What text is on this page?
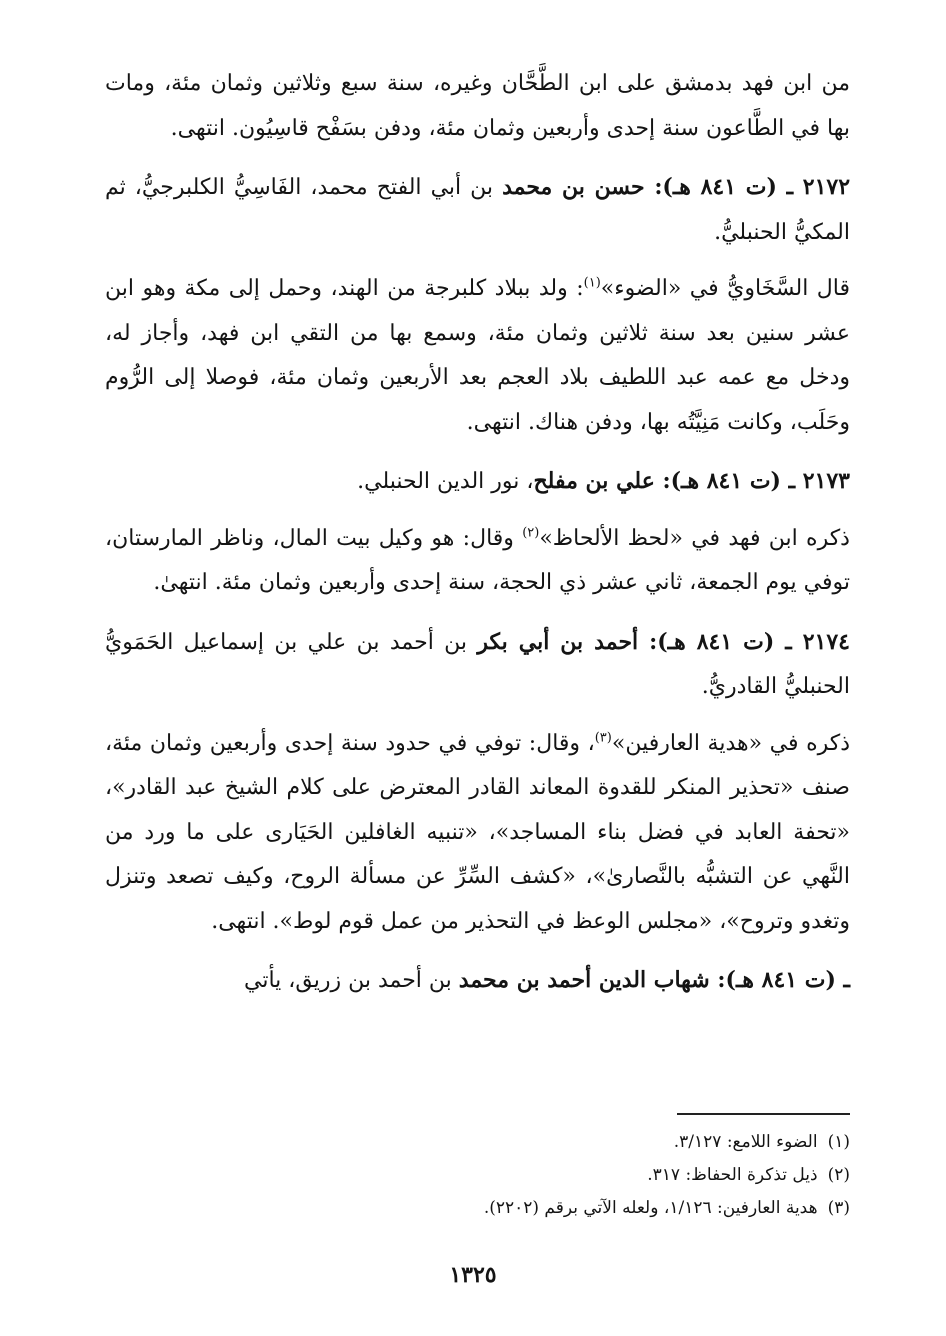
من ابن فهد بدمشق على ابن الطَّحَّان وغيره، سنة سبع وثلاثين وثمان مئة، ومات بها في الطَّاعون سنة إحدى وأربعين وثمان مئة، ودفن بسَفْح قاسِيُون. انتهى.
٢١٧٢ ـ (ت ٨٤١ هـ): حسن بن محمد بن أبي الفتح محمد، الفَاسِيُّ الكلبرجيُّ، ثم المكيُّ الحنبليُّ.
قال السَّخَاويُّ في «الضوء»$^{(١)}$: ولد ببلاد كلبرجة من الهند، وحمل إلى مكة وهو ابن عشر سنين بعد سنة ثلاثين وثمان مئة، وسمع بها من التقي ابن فهد، وأجاز له، ودخل مع عمه عبد اللطيف بلاد العجم بعد الأربعين وثمان مئة، فوصلا إلى الرُّوم وحَلَب، وكانت مَنِيَّتُه بها، ودفن هناك. انتهى.
٢١٧٣ ـ (ت ٨٤١ هـ): علي بن مفلح، نور الدين الحنبلي.
ذكره ابن فهد في «لحظ الألحاظ»$^{(٢)}$ وقال: هو وكيل بيت المال، وناظر المارستان، توفي يوم الجمعة، ثاني عشر ذي الحجة، سنة إحدى وأربعين وثمان مئة. انتهىٰ.
٢١٧٤ ـ (ت ٨٤١ هـ): أحمد بن أبي بكر بن أحمد بن علي بن إسماعيل الحَمَويُّ الحنبليُّ القادريُّ.
ذكره في «هدية العارفين»$^{(٣)}$، وقال: توفي في حدود سنة إحدى وأربعين وثمان مئة، صنف «تحذير المنكر للقدوة المعاند القادر المعترض على كلام الشيخ عبد القادر»، «تحفة العابد في فضل بناء المساجد»، «تنبيه الغافلين الحَيَارى على ما ورد من النَّهي عن التشبُّه بالنَّصارىٰ»، «كشف السِّرِّ عن مسألة الروح، وكيف تصعد وتنزل وتغدو وتروح»، «مجلس الوعظ في التحذير من عمل قوم لوط». انتهى.
ـ (ت ٨٤١ هـ): شهاب الدين أحمد بن محمد بن أحمد بن زريق، يأتي
(١)
الضوء اللامع: ٣/١٢٧.
(٢)
ذيل تذكرة الحفاظ: ٣١٧.
(٣)
هدية العارفين: ١/١٢٦، ولعله الآتي برقم (٢٢٠٢).
١٣٢٥
